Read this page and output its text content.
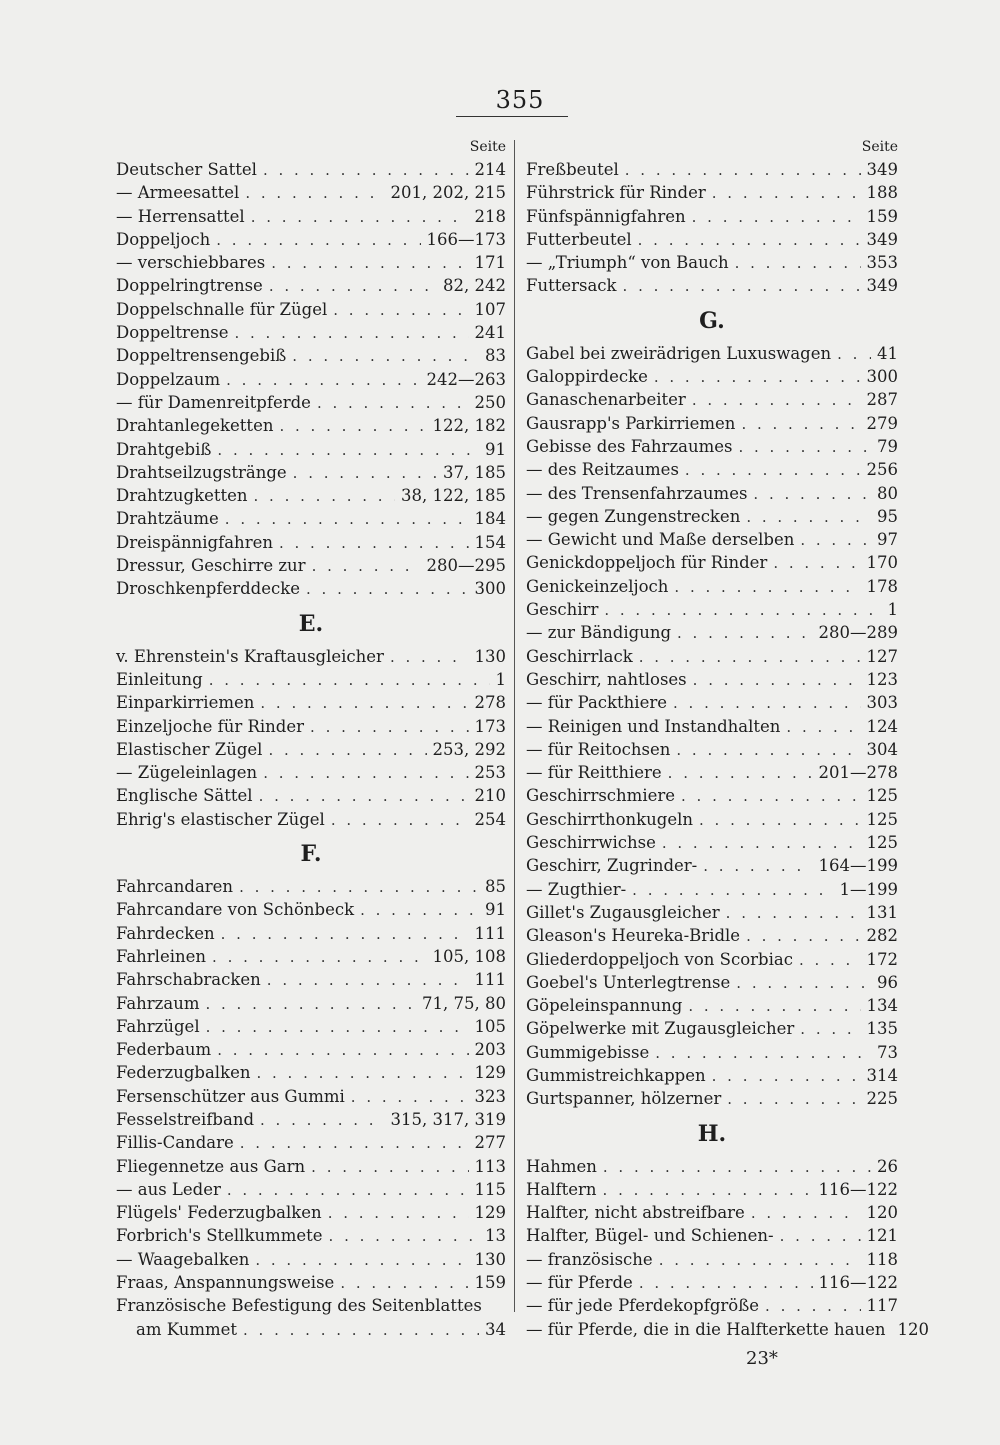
355
Seite
Deutscher Sattel . . .	214
— Armeesattel . . .	201, 202, 215
— Herrensattel . . .	218
Doppeljoch . . .	166—173
— verschiebbares . . .	171
Doppelringtrense . . .	82, 242
Doppelschnalle für Zügel . . .	107
Doppeltrense . . .	241
Doppeltrensengebiß . . .	83
Doppelzaum . . .	242—263
— für Damenreitpferde . . .	250
Drahtanlegeketten . . .	122, 182
Drahtgebiß . . .	91
Drahtseilzugstränge . . .	37, 185
Drahtzugketten . . .	38, 122, 185
Drahtzäume . . .	184
Dreispännigfahren . . .	154
Dressur, Geschirre zur . . .	280—295
Droschkenpferddecke . . .	300
E.
v. Ehrenstein's Kraftausgleicher . . .	130
Einleitung . . .	1
Einparkirriemen . . .	278
Einzeljoche für Rinder . . .	173
Elastischer Zügel . . .	253, 292
— Zügeleinlagen . . .	253
Englische Sättel . . .	210
Ehrig's elastischer Zügel . . .	254
F.
Fahrcandaren . . .	85
Fahrcandare von Schönbeck . . .	91
Fahrdecken . . .	111
Fahrleinen . . .	105, 108
Fahrschabracken . . .	111
Fahrzaum . . .	71, 75, 80
Fahrzügel . . .	105
Federbaum . . .	203
Federzugbalken . . .	129
Fersenschützer aus Gummi . . .	323
Fesselstreifband . . .	315, 317, 319
Fillis-Candare . . .	277
Fliegennetze aus Garn . . .	113
— aus Leder . . .	115
Flügels' Federzugbalken . . .	129
Forbrich's Stellkummete . . .	13
— Waagebalken . . .	130
Fraas, Anspannungsweise . . .	159
Französische Befestigung des Seitenblattes
am Kummet . . .	34
Seite
Freßbeutel . . .	349
Führstrick für Rinder . . .	188
Fünfspännigfahren . . .	159
Futterbeutel . . .	349
— „Triumph“ von Bauch . . .	353
Futtersack . . .	349
G.
Gabel bei zweirädrigen Luxuswagen . . .	41
Galoppirdecke . . .	300
Ganaschenarbeiter . . .	287
Gausrapp's Parkirriemen . . .	279
Gebisse des Fahrzaumes . . .	79
— des Reitzaumes . . .	256
— des Trensenfahrzaumes . . .	80
— gegen Zungenstrecken . . .	95
— Gewicht und Maße derselben . . .	97
Genickdoppeljoch für Rinder . . .	170
Genickeinzeljoch . . .	178
Geschirr . . .	1
— zur Bändigung . . .	280—289
Geschirrlack . . .	127
Geschirr, nahtloses . . .	123
— für Packthiere . . .	303
— Reinigen und Instandhalten . . .	124
— für Reitochsen . . .	304
— für Reitthiere . . .	201—278
Geschirrschmiere . . .	125
Geschirrthonkugeln . . .	125
Geschirrwichse . . .	125
Geschirr, Zugrinder- . . .	164—199
— Zugthier- . . .	1—199
Gillet's Zugausgleicher . . .	131
Gleason's Heureka-Bridle . . .	282
Gliederdoppeljoch von Scorbiac . . .	172
Goebel's Unterlegtrense . . .	96
Göpeleinspannung . . .	134
Göpelwerke mit Zugausgleicher . . .	135
Gummigebisse . . .	73
Gummistreichkappen . . .	314
Gurtspanner, hölzerner . . .	225
H.
Hahmen . . .	26
Halftern . . .	116—122
Halfter, nicht abstreifbare . . .	120
Halfter, Bügel- und Schienen- . . .	121
— französische . . .	118
— für Pferde . . .	116—122
— für jede Pferdekopfgröße . . .	117
— für Pferde, die in die Halfterkette hauen 120
23*
